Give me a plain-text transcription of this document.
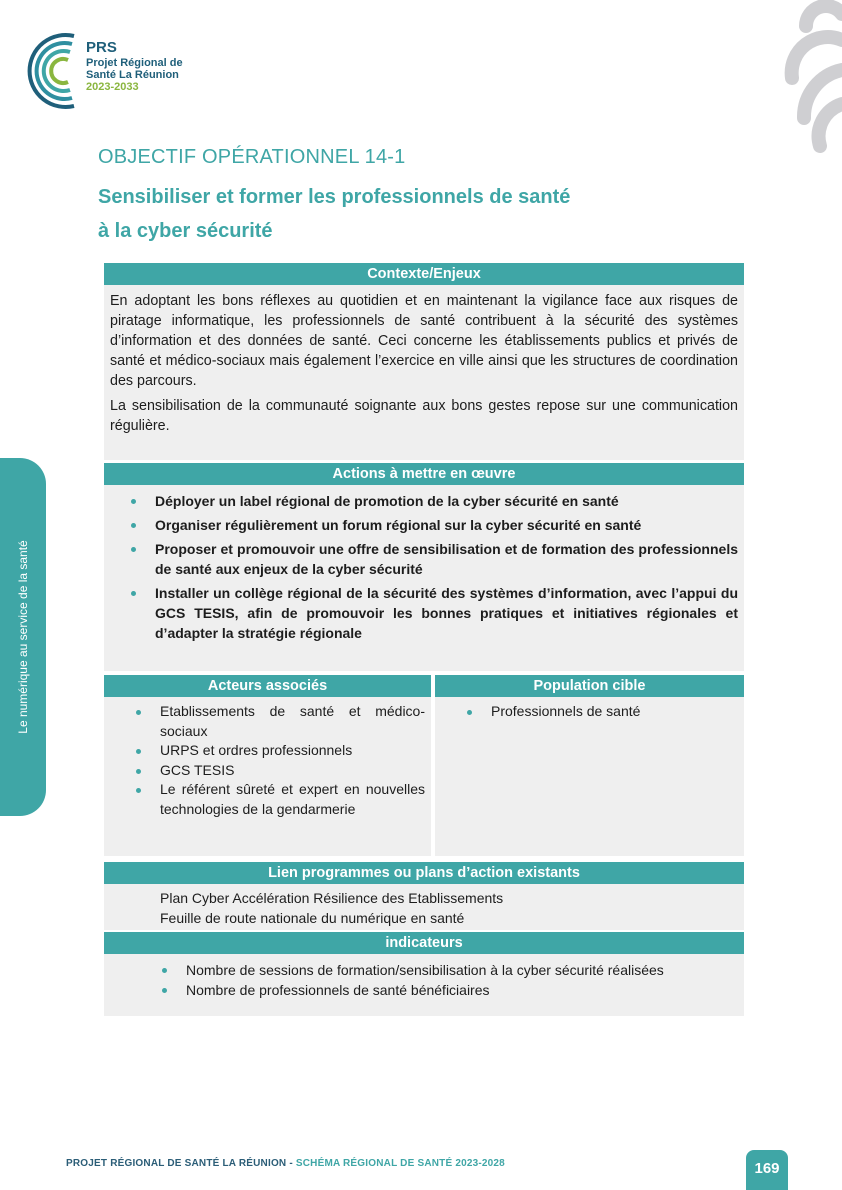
PRS
Projet Régional de
Santé La Réunion
2023-2033
OBJECTIF OPÉRATIONNEL 14-1
Sensibiliser et former les professionnels de santé
à la cyber sécurité
Le numérique au service de la santé
Contexte/Enjeux

En adoptant les bons réflexes au quotidien et en maintenant la vigilance face aux risques de piratage informatique, les professionnels de santé contribuent à la sécurité des systèmes d’information et des données de santé. Ceci concerne les établissements publics et privés de santé et médico-sociaux mais également l’exercice en ville ainsi que les structures de coordination des parcours.

La sensibilisation de la communauté soignante aux bons gestes repose sur une communication régulière.

Actions à mettre en œuvre
Déployer un label régional de promotion de la cyber sécurité en santé
Organiser régulièrement un forum régional sur la cyber sécurité en santé
Proposer et promouvoir une offre de sensibilisation et de formation des professionnels de santé aux enjeux de la cyber sécurité
Installer un collège régional de la sécurité des systèmes d’information, avec l’appui du GCS TESIS, afin de promouvoir les bonnes pratiques et initiatives régionales et d’adapter la stratégie régionale
Acteurs associés
Etablissements de santé et médico-sociaux
URPS et ordres professionnels
GCS TESIS
Le référent sûreté et expert en nouvelles technologies de la gendarmerie
Population cible
Professionnels de santé
Lien programmes ou plans d’action existants
Plan Cyber Accélération Résilience des Etablissements
Feuille de route nationale du numérique en santé
indicateurs
Nombre de sessions de formation/sensibilisation à la cyber sécurité réalisées
Nombre de professionnels de santé bénéficiaires
PROJET RÉGIONAL DE SANTÉ LA RÉUNION - SCHÉMA RÉGIONAL DE SANTÉ 2023-2028	169
